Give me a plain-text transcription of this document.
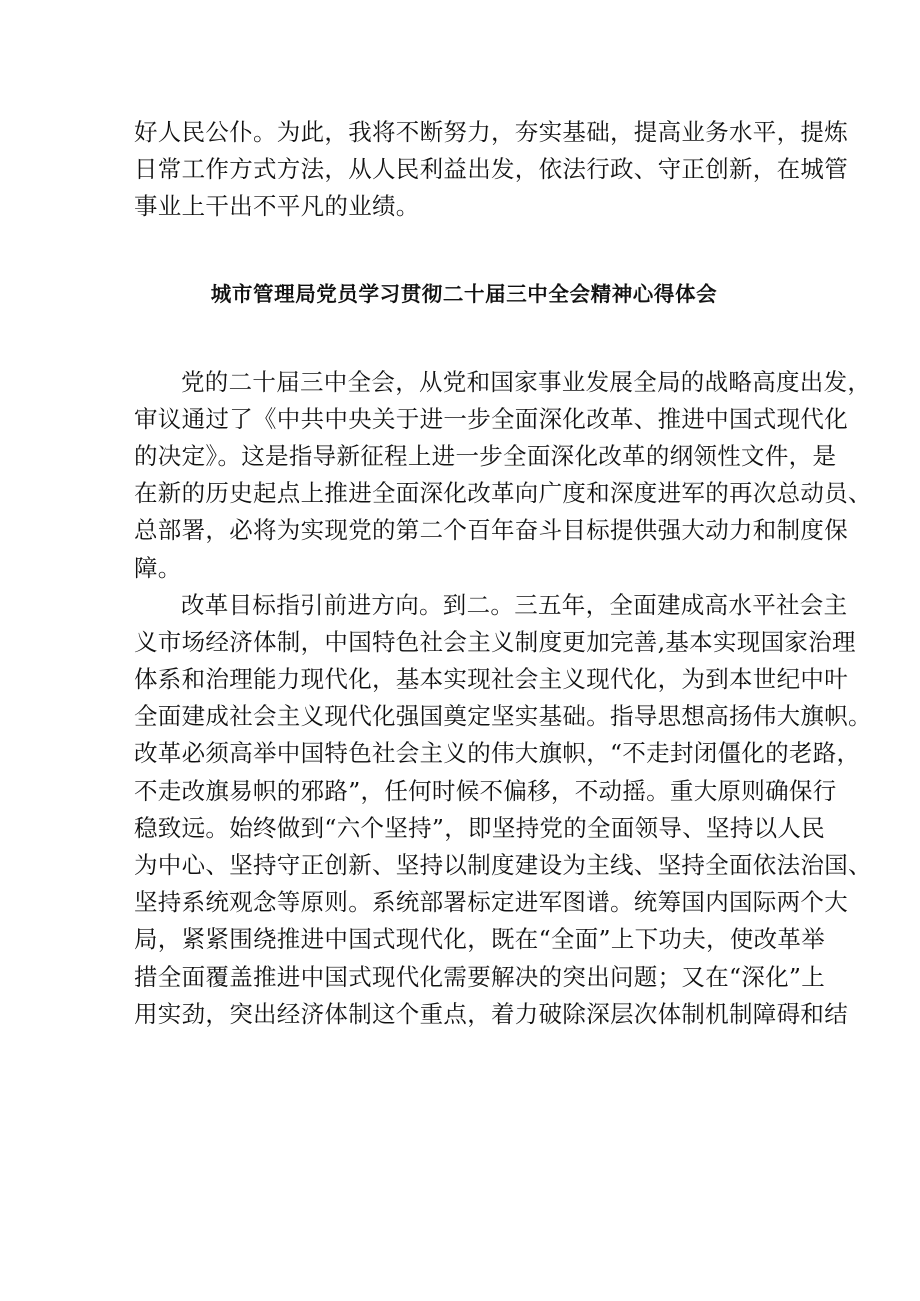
好人民公仆。为此，我将不断努力，夯实基础，提高业务水平，提炼
日常工作方式方法，从人民利益出发，依法行政、守正创新，在城管
事业上干出不平凡的业绩。
城市管理局党员学习贯彻二十届三中全会精神心得体会
党的二十届三中全会，从党和国家事业发展全局的战略高度出发，
审议通过了《中共中央关于进一步全面深化改革、推进中国式现代化
的决定》。这是指导新征程上进一步全面深化改革的纲领性文件，是
在新的历史起点上推进全面深化改革向广度和深度进军的再次总动员、
总部署，必将为实现党的第二个百年奋斗目标提供强大动力和制度保
障。
改革目标指引前进方向。到二。三五年，全面建成高水平社会主
义市场经济体制，中国特色社会主义制度更加完善,基本实现国家治理
体系和治理能力现代化，基本实现社会主义现代化，为到本世纪中叶
全面建成社会主义现代化强国奠定坚实基础。指导思想高扬伟大旗帜。
改革必须高举中国特色社会主义的伟大旗帜，“不走封闭僵化的老路，
不走改旗易帜的邪路”，任何时候不偏移，不动摇。重大原则确保行
稳致远。始终做到“六个坚持”，即坚持党的全面领导、坚持以人民
为中心、坚持守正创新、坚持以制度建设为主线、坚持全面依法治国、
坚持系统观念等原则。系统部署标定进军图谱。统筹国内国际两个大
局，紧紧围绕推进中国式现代化，既在“全面”上下功夫，使改革举
措全面覆盖推进中国式现代化需要解决的突出问题；又在“深化”上
用实劲，突出经济体制这个重点，着力破除深层次体制机制障碍和结
